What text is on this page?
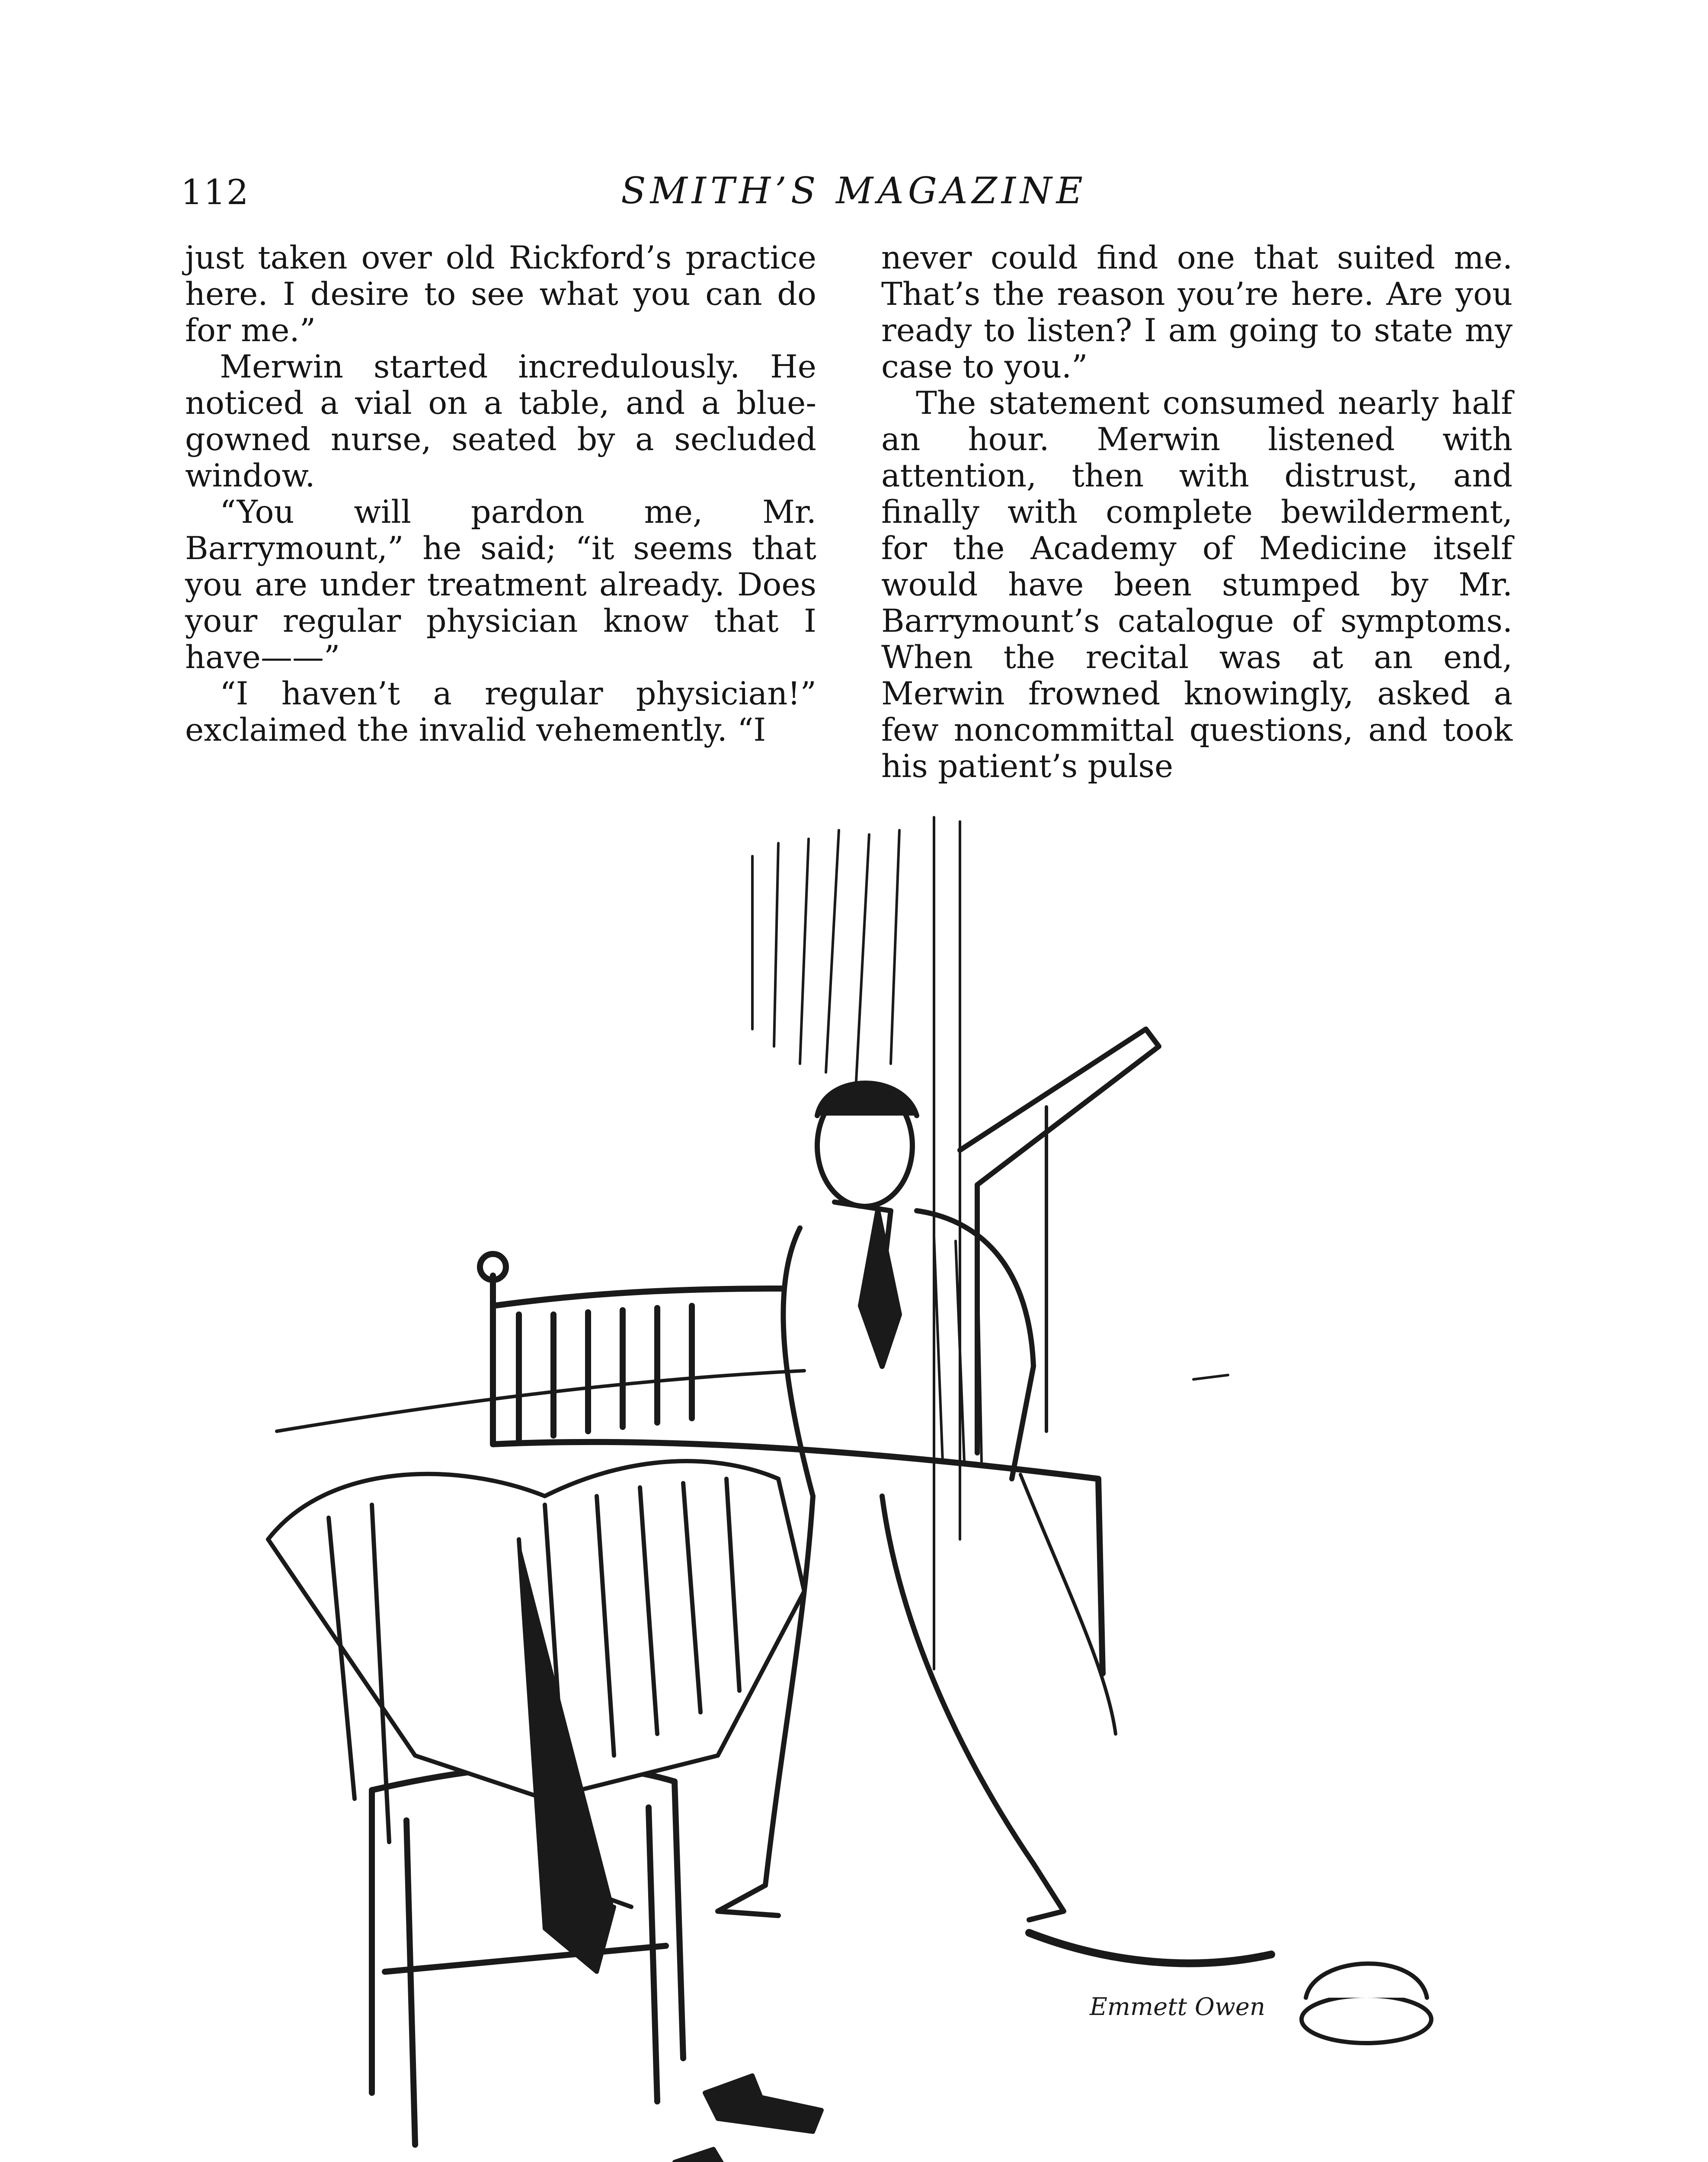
112	SMITH’S MAGAZINE

just taken over old Rickford’s practice here. I desire to see what you can do for me.”

Merwin started incredulously. He noticed a vial on a table, and a blue-gowned nurse, seated by a secluded window.

“You will pardon me, Mr. Barrymount,” he said; “it seems that you are under treatment already. Does your regular physician know that I have——”

“I haven’t a regular physician!” exclaimed the invalid vehemently. “I

never could find one that suited me. That’s the reason you’re here. Are you ready to listen? I am going to state my case to you.”

The statement consumed nearly half an hour. Merwin listened with attention, then with distrust, and finally with complete bewilderment, for the Academy of Medicine itself would have been stumped by Mr. Barrymount’s catalogue of symptoms. When the recital was at an end, Merwin frowned knowingly, asked a few noncommittal questions, and took his patient’s pulse

Emmett Owen
